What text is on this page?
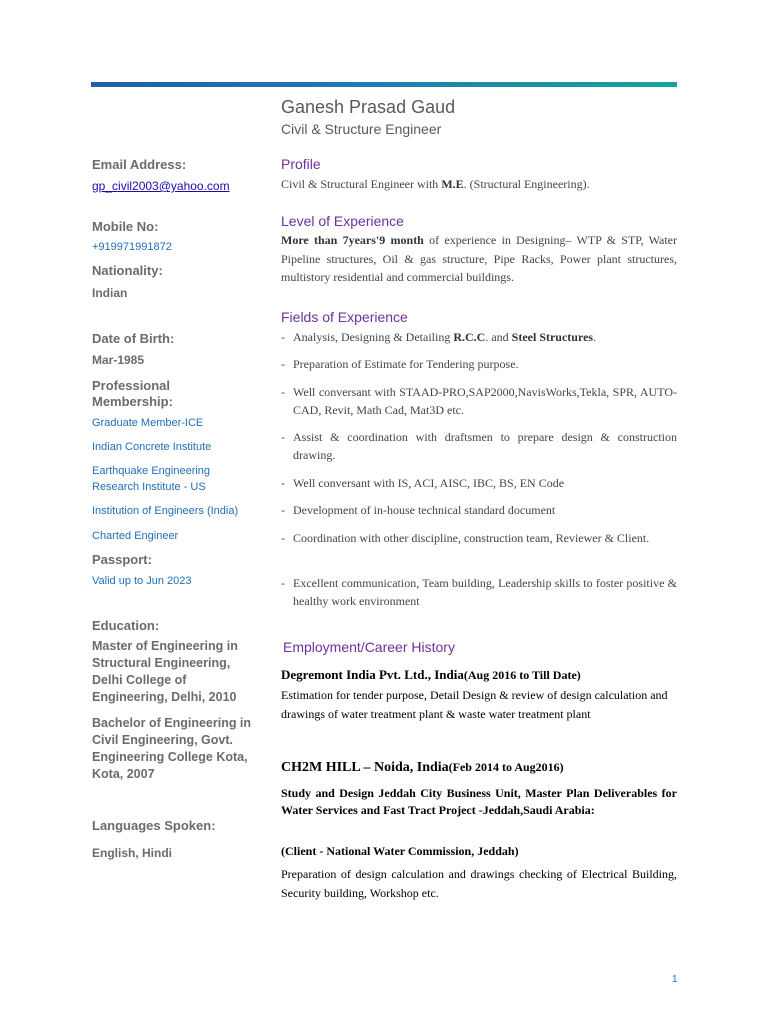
Ganesh Prasad Gaud
Civil & Structure Engineer
Email Address:
gp_civil2003@yahoo.com
Mobile No:
+919971991872
Nationality:
Indian
Date of Birth:
Mar-1985
Professional Membership:
Graduate Member-ICE
Indian Concrete Institute
Earthquake Engineering Research Institute - US
Institution of Engineers (India)
Charted Engineer
Passport:
Valid up to Jun 2023
Education:
Master of Engineering in Structural Engineering, Delhi College of Engineering, Delhi, 2010
Bachelor of Engineering in Civil Engineering, Govt. Engineering College Kota, Kota, 2007
Languages Spoken:
English, Hindi
Profile
Civil & Structural Engineer with M.E. (Structural Engineering).
Level of Experience
More than 7years'9 month of experience in Designing– WTP & STP, Water Pipeline structures, Oil & gas structure, Pipe Racks, Power plant structures, multistory residential and commercial buildings.
Fields of Experience
- Analysis, Designing & Detailing R.C.C. and Steel Structures.
- Preparation of Estimate for Tendering purpose.
- Well conversant with STAAD-PRO,SAP2000,NavisWorks,Tekla, SPR, AUTO-CAD, Revit, Math Cad, Mat3D etc.
- Assist & coordination with draftsmen to prepare design & construction drawing.
- Well conversant with IS, ACI, AISC, IBC, BS, EN Code
- Development of in-house technical standard document
- Coordination with other discipline, construction team, Reviewer & Client.
- Excellent communication, Team building, Leadership skills to foster positive & healthy work environment
Employment/Career History
Degremont India Pvt. Ltd., India(Aug 2016 to Till Date)
Estimation for tender purpose, Detail Design & review of design calculation and drawings of water treatment plant & waste water treatment plant
CH2M HILL – Noida, India(Feb 2014 to Aug2016)
Study and Design Jeddah City Business Unit, Master Plan Deliverables for Water Services and Fast Tract Project -Jeddah,Saudi Arabia:
(Client - National Water Commission, Jeddah)
Preparation of design calculation and drawings checking of Electrical Building, Security building, Workshop etc.
1
